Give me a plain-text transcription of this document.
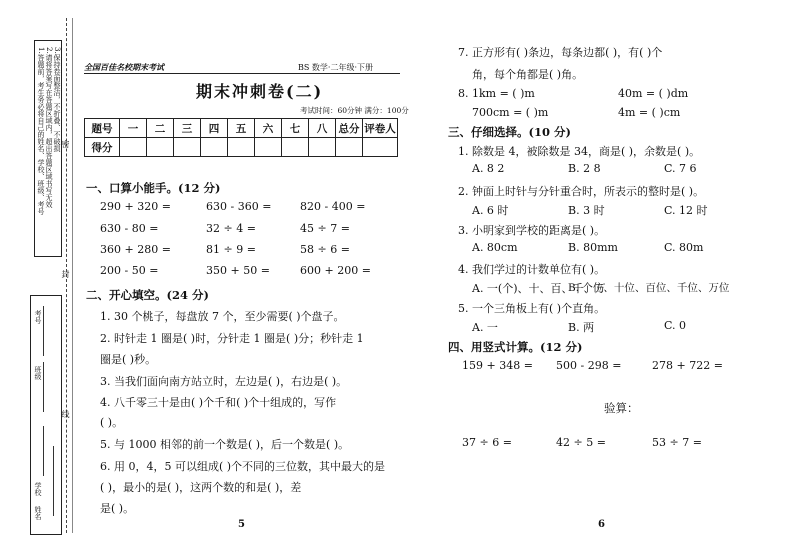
1.答题前，考生务必将自己的姓名、学校、班级、考号 2.请将答案写在答题区域内，超出答题区域书写无效 3.保持卷面整洁，不折叠、不破损 密
封
线
考号
班级
学校
姓名
全国百佳名校期末考试	BS 数学·二年级·下册
期末冲刺卷(二)
考试时间：60分钟 满分：100分
题号	一	二	三	四	五	六	七	八	总分	评卷人
得分										
一、口算小能手。(12 分)
290 + 320 =	630 - 360 =	820 - 400 =
630 - 80 =	32 ÷ 4 =	45 ÷ 7 =
360 + 280 =	81 ÷ 9 =	58 ÷ 6 =
200 - 50 =	350 + 50 =	600 + 200 =
二、开心填空。(24 分)
1. 30 个桃子，每盘放 7 个，至少需要( )个盘子。
2. 时针走 1 圈是( )时，分针走 1 圈是( )分；秒针走 1
圈是( )秒。
3. 当我们面向南方站立时，左边是( )，右边是( )。
4. 八千零三十是由( )个千和( )个十组成的，写作
( )。
5. 与 1000 相邻的前一个数是( )，后一个数是( )。
6. 用 0，4，5 可以组成( )个不同的三位数，其中最大的是
( )，最小的是( )，这两个数的和是( )，差
是( )。
5
7. 正方形有( )条边，每条边都( )，有( )个
角，每个角都是( )角。
8. 1km = ( )m	40m = ( )dm
700cm = ( )m	4m = ( )cm
三、仔细选择。(10 分)
1. 除数是 4，被除数是 34，商是( )，余数是( )。
A. 8 2	B. 2 8	C. 7 6
2. 钟面上时针与分针重合时，所表示的整时是( )。
A. 6 时	B. 3 时	C. 12 时
3. 小明家到学校的距离是( )。
A. 80cm	B. 80mm	C. 80m
4. 我们学过的计数单位有( )。
A. 一(个)、十、百、千、万
B. 个位、十位、百位、千位、万位
5. 一个三角板上有( )个直角。
A. 一	B. 两	C. 0
四、用竖式计算。(12 分)
159 + 348 = 500 - 298 =	278 + 722 =
验算：
37 ÷ 6 =	42 ÷ 5 =	53 ÷ 7 =
6
